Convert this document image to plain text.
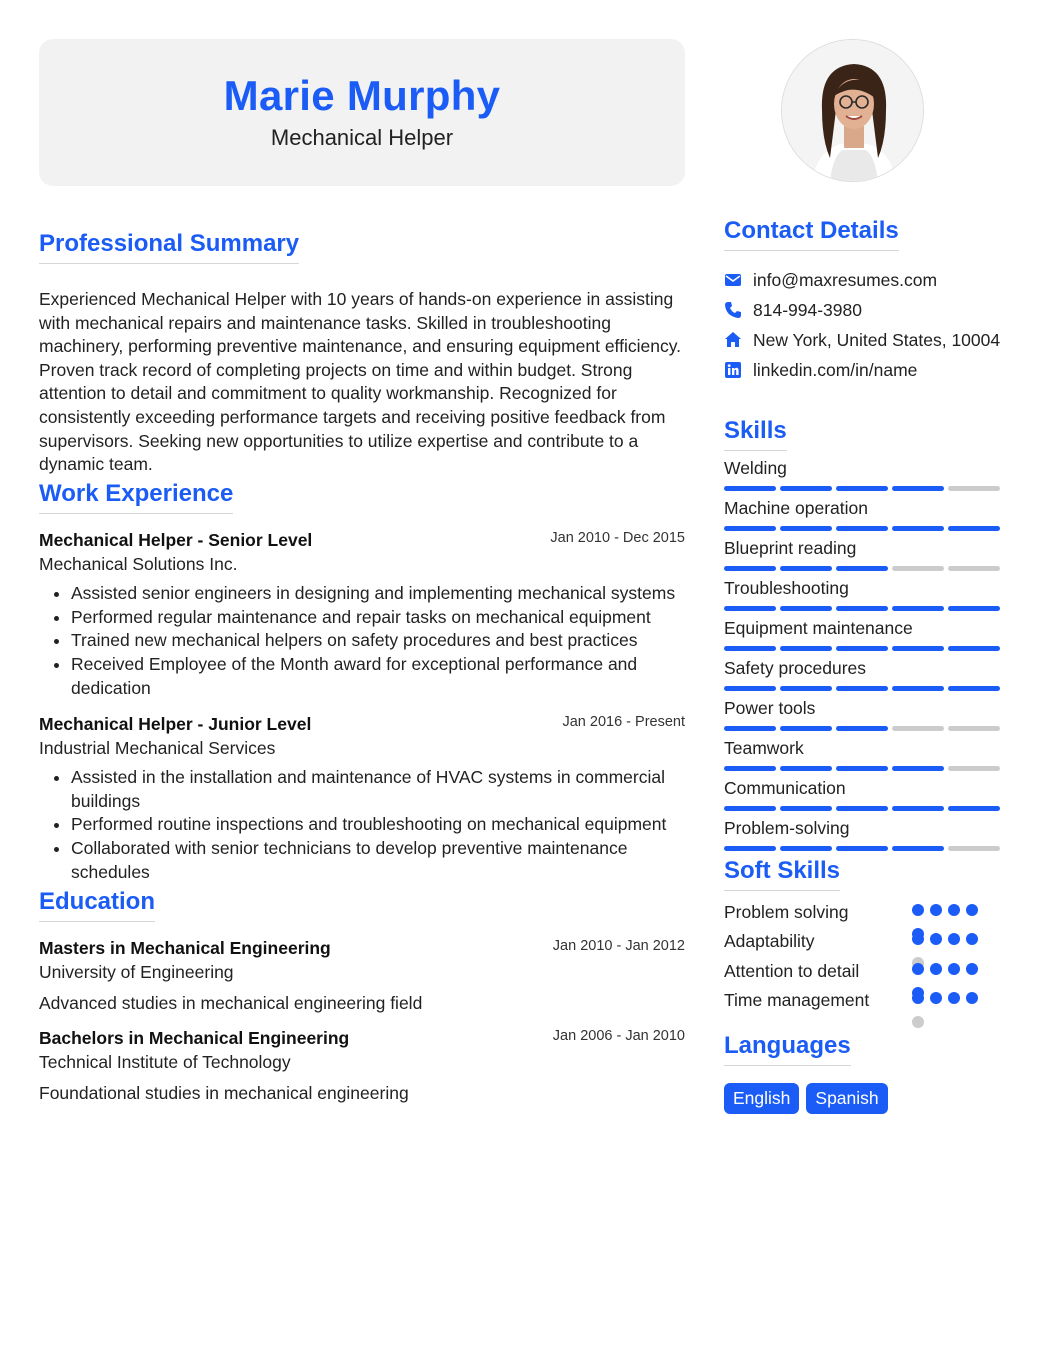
Marie Murphy
Mechanical Helper
Professional Summary
Experienced Mechanical Helper with 10 years of hands-on experience in assisting with mechanical repairs and maintenance tasks. Skilled in troubleshooting machinery, performing preventive maintenance, and ensuring equipment efficiency. Proven track record of completing projects on time and within budget. Strong attention to detail and commitment to quality workmanship. Recognized for consistently exceeding performance targets and receiving positive feedback from supervisors. Seeking new opportunities to utilize expertise and contribute to a dynamic team.
Work Experience
Mechanical Helper - Senior Level	Jan 2010 - Dec 2015
Mechanical Solutions Inc.
• Assisted senior engineers in designing and implementing mechanical systems
• Performed regular maintenance and repair tasks on mechanical equipment
• Trained new mechanical helpers on safety procedures and best practices
• Received Employee of the Month award for exceptional performance and dedication
Mechanical Helper - Junior Level	Jan 2016 - Present
Industrial Mechanical Services
• Assisted in the installation and maintenance of HVAC systems in commercial buildings
• Performed routine inspections and troubleshooting on mechanical equipment
• Collaborated with senior technicians to develop preventive maintenance schedules
Education
Masters in Mechanical Engineering	Jan 2010 - Jan 2012
University of Engineering
Advanced studies in mechanical engineering field
Bachelors in Mechanical Engineering	Jan 2006 - Jan 2010
Technical Institute of Technology
Foundational studies in mechanical engineering
Contact Details
info@maxresumes.com
814-994-3980
New York, United States, 10004
linkedin.com/in/name
Skills
Welding
Machine operation
Blueprint reading
Troubleshooting
Equipment maintenance
Safety procedures
Power tools
Teamwork
Communication
Problem-solving
Soft Skills
Problem solving
Adaptability
Attention to detail
Time management
Languages
English	Spanish
